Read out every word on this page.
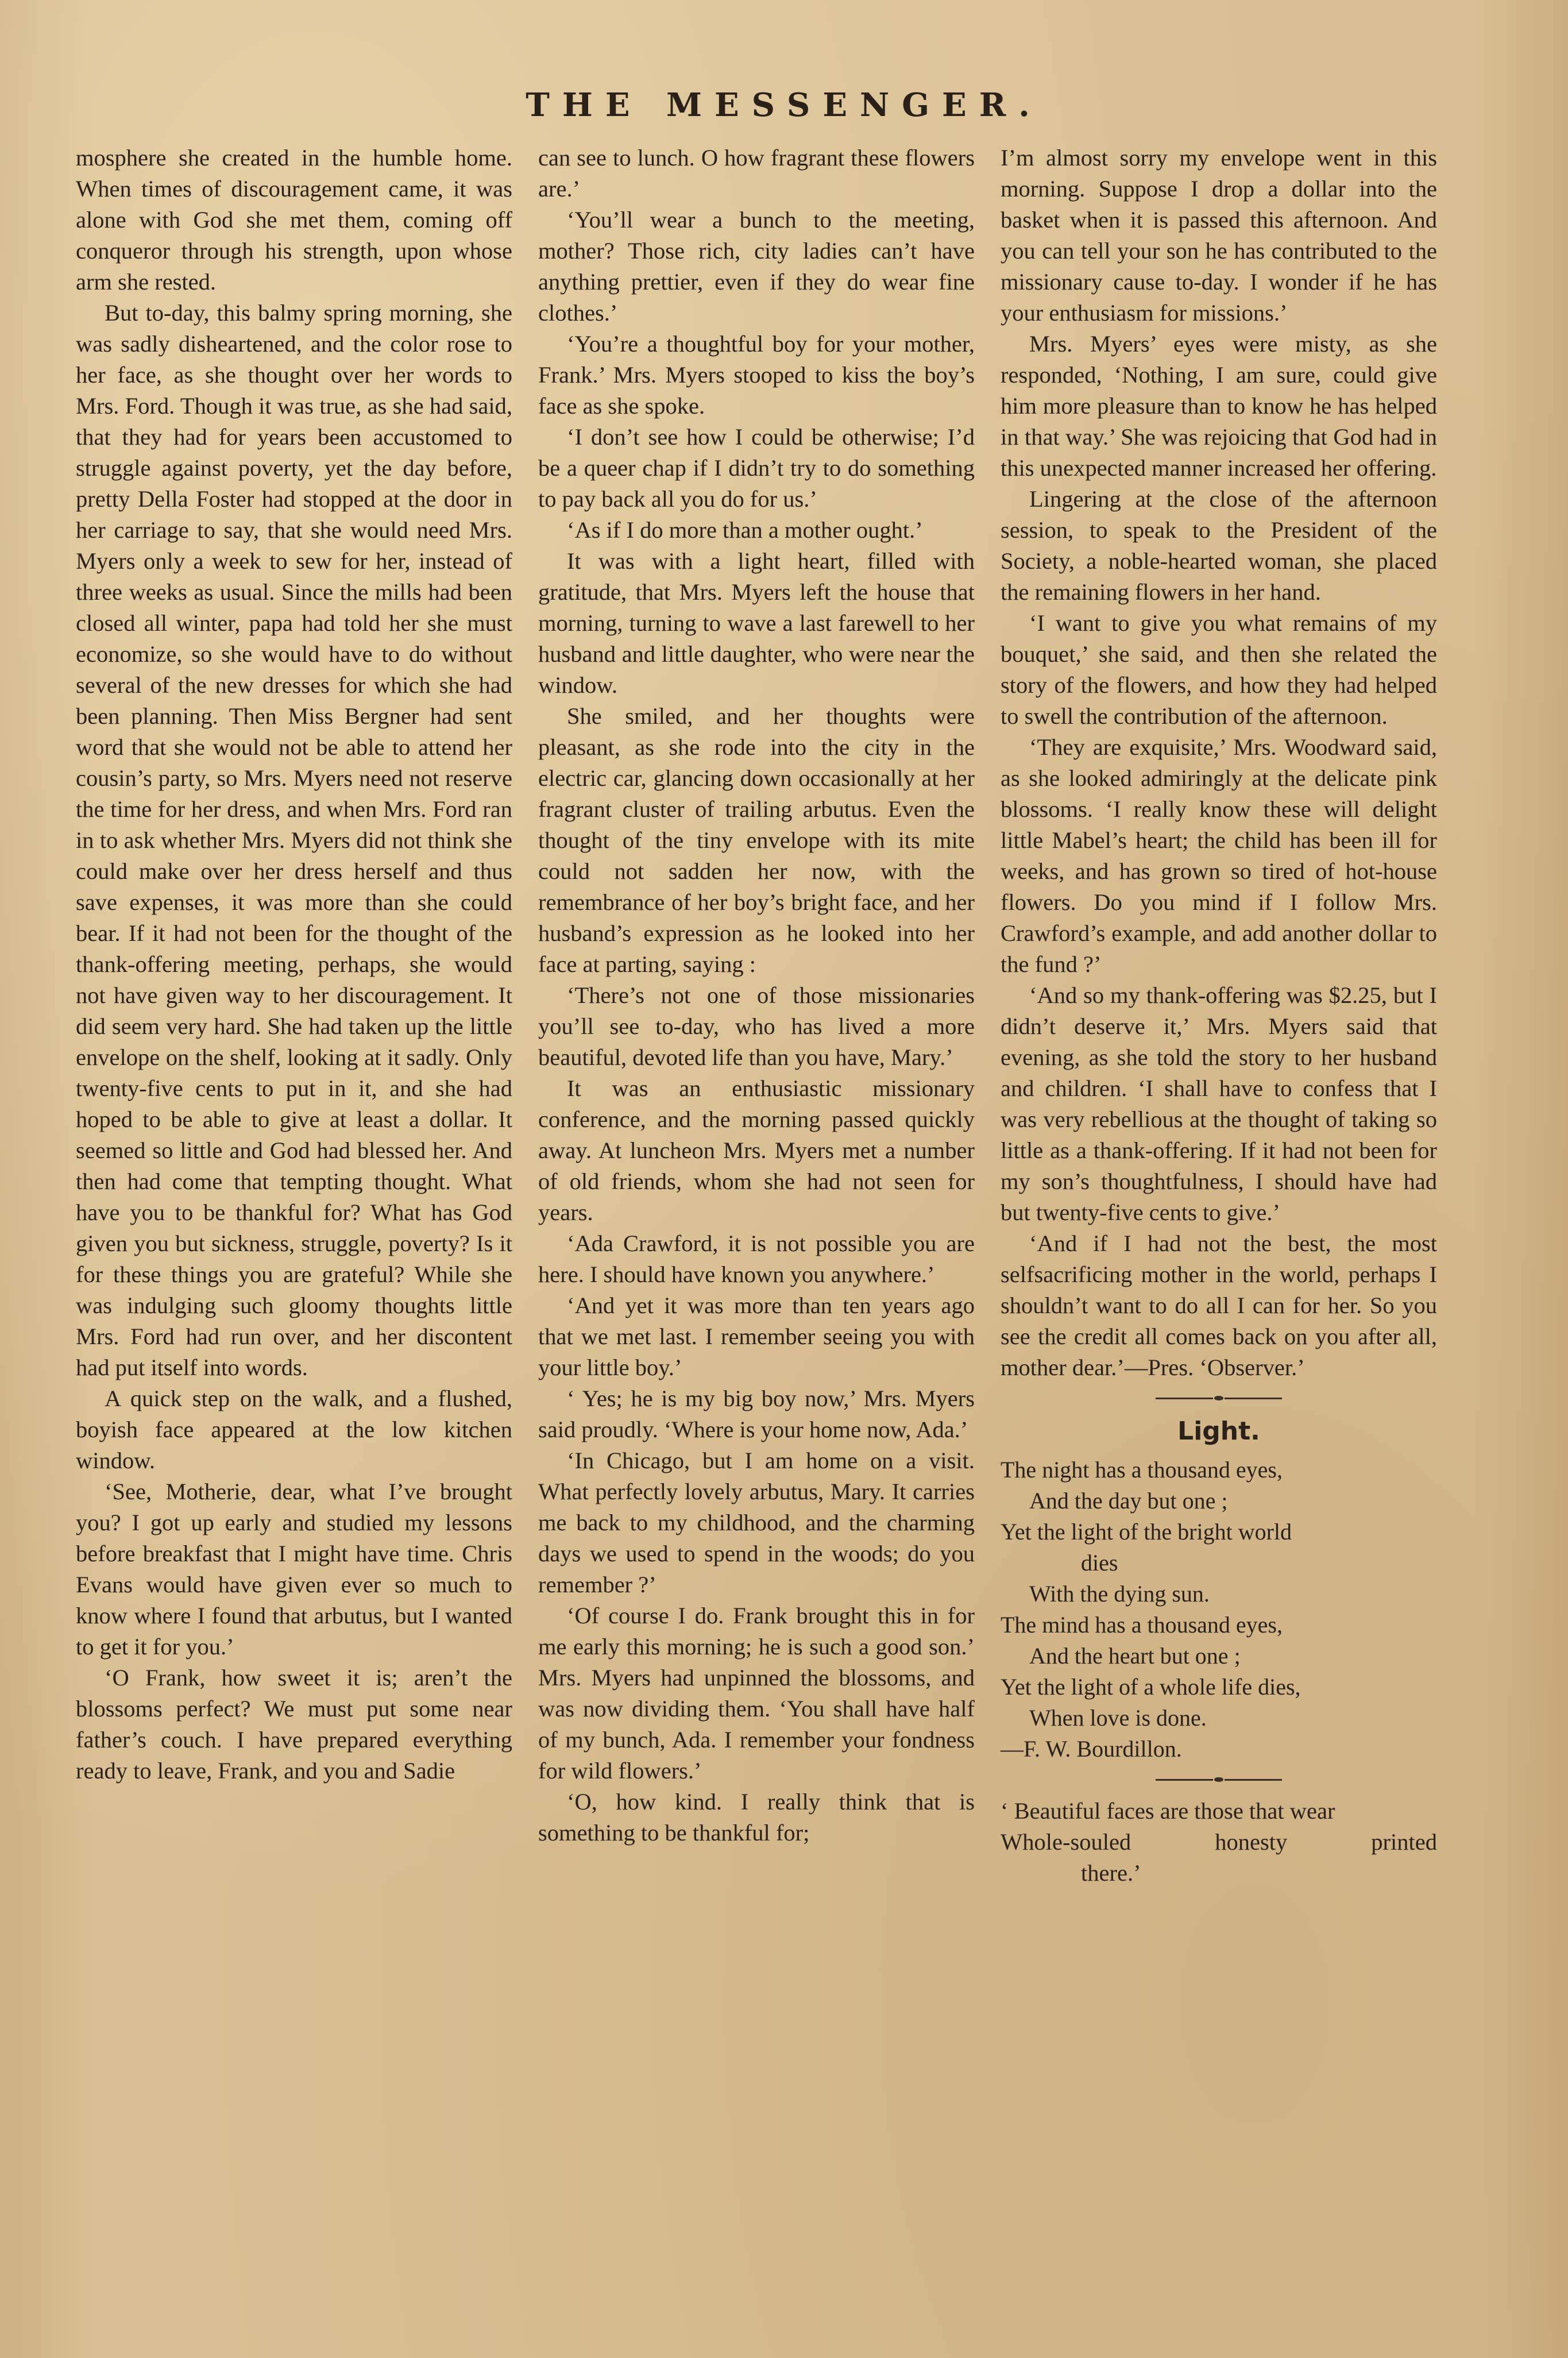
THE MESSENGER.

mosphere she created in the humble home. When times of discouragement came, it was alone with God she met them, coming off conqueror through his strength, upon whose arm she rested.

But to-day, this balmy spring morning, she was sadly disheartened, and the color rose to her face, as she thought over her words to Mrs. Ford. Though it was true, as she had said, that they had for years been accustomed to struggle against poverty, yet the day before, pretty Della Foster had stopped at the door in her carriage to say, that she would need Mrs. Myers only a week to sew for her, instead of three weeks as usual. Since the mills had been closed all winter, papa had told her she must economize, so she would have to do without several of the new dresses for which she had been planning. Then Miss Bergner had sent word that she would not be able to attend her cousin’s party, so Mrs. Myers need not reserve the time for her dress, and when Mrs. Ford ran in to ask whether Mrs. Myers did not think she could make over her dress herself and thus save expenses, it was more than she could bear. If it had not been for the thought of the thank-offering meeting, perhaps, she would not have given way to her discouragement. It did seem very hard. She had taken up the little envelope on the shelf, looking at it sadly. Only twenty-five cents to put in it, and she had hoped to be able to give at least a dollar. It seemed so little and God had blessed her. And then had come that tempting thought. What have you to be thankful for? What has God given you but sickness, struggle, poverty? Is it for these things you are grateful? While she was indulging such gloomy thoughts little Mrs. Ford had run over, and her discontent had put itself into words.

A quick step on the walk, and a flushed, boyish face appeared at the low kitchen window.

‘See, Motherie, dear, what I’ve brought you? I got up early and studied my lessons before breakfast that I might have time. Chris Evans would have given ever so much to know where I found that arbutus, but I wanted to get it for you.’

‘O Frank, how sweet it is; aren’t the blossoms perfect? We must put some near father’s couch. I have prepared everything ready to leave, Frank, and you and Sadie

can see to lunch. O how fragrant these flowers are.’

‘You’ll wear a bunch to the meeting, mother? Those rich, city ladies can’t have anything prettier, even if they do wear fine clothes.’

‘You’re a thoughtful boy for your mother, Frank.’ Mrs. Myers stooped to kiss the boy’s face as she spoke.

‘I don’t see how I could be otherwise; I’d be a queer chap if I didn’t try to do something to pay back all you do for us.’

‘As if I do more than a mother ought.’

It was with a light heart, filled with gratitude, that Mrs. Myers left the house that morning, turning to wave a last farewell to her husband and little daughter, who were near the window.

She smiled, and her thoughts were pleasant, as she rode into the city in the electric car, glancing down occasionally at her fragrant cluster of trailing arbutus. Even the thought of the tiny envelope with its mite could not sadden her now, with the remembrance of her boy’s bright face, and her husband’s expression as he looked into her face at parting, saying :

‘There’s not one of those missionaries you’ll see to-day, who has lived a more beautiful, devoted life than you have, Mary.’

It was an enthusiastic missionary conference, and the morning passed quickly away. At luncheon Mrs. Myers met a number of old friends, whom she had not seen for years.

‘Ada Crawford, it is not possible you are here. I should have known you anywhere.’

‘And yet it was more than ten years ago that we met last. I remember seeing you with your little boy.’

‘ Yes; he is my big boy now,’ Mrs. Myers said proudly. ‘Where is your home now, Ada.’

‘In Chicago, but I am home on a visit. What perfectly lovely arbutus, Mary. It carries me back to my childhood, and the charming days we used to spend in the woods; do you remember ?’

‘Of course I do. Frank brought this in for me early this morning; he is such a good son.’ Mrs. Myers had unpinned the blossoms, and was now dividing them. ‘You shall have half of my bunch, Ada. I remember your fondness for wild flowers.’

‘O, how kind. I really think that is something to be thankful for;

I’m almost sorry my envelope went in this morning. Suppose I drop a dollar into the basket when it is passed this afternoon. And you can tell your son he has contributed to the missionary cause to-day. I wonder if he has your enthusiasm for missions.’

Mrs. Myers’ eyes were misty, as she responded, ‘Nothing, I am sure, could give him more pleasure than to know he has helped in that way.’ She was rejoicing that God had in this unexpected manner increased her offering.

Lingering at the close of the afternoon session, to speak to the President of the Society, a noble-hearted woman, she placed the remaining flowers in her hand.

‘I want to give you what remains of my bouquet,’ she said, and then she related the story of the flowers, and how they had helped to swell the contribution of the afternoon.

‘They are exquisite,’ Mrs. Woodward said, as she looked admiringly at the delicate pink blossoms. ‘I really know these will delight little Mabel’s heart; the child has been ill for weeks, and has grown so tired of hot-house flowers. Do you mind if I follow Mrs. Crawford’s example, and add another dollar to the fund ?’

‘And so my thank-offering was $2.25, but I didn’t deserve it,’ Mrs. Myers said that evening, as she told the story to her husband and children. ‘I shall have to confess that I was very rebellious at the thought of taking so little as a thank-offering. If it had not been for my son’s thoughtfulness, I should have had but twenty-five cents to give.’

‘And if I had not the best, the most selfsacrificing mother in the world, perhaps I shouldn’t want to do all I can for her. So you see the credit all comes back on you after all, mother dear.’—Pres. ‘Observer.’

Light.
The night has a thousand eyes,
And the day but one ;
Yet the light of the bright world
dies
With the dying sun.
The mind has a thousand eyes,
And the heart but one ;
Yet the light of a whole life dies,
When love is done.
—F. W. Bourdillon.
‘ Beautiful faces are those that wear
Whole-souled honesty printed
there.’
